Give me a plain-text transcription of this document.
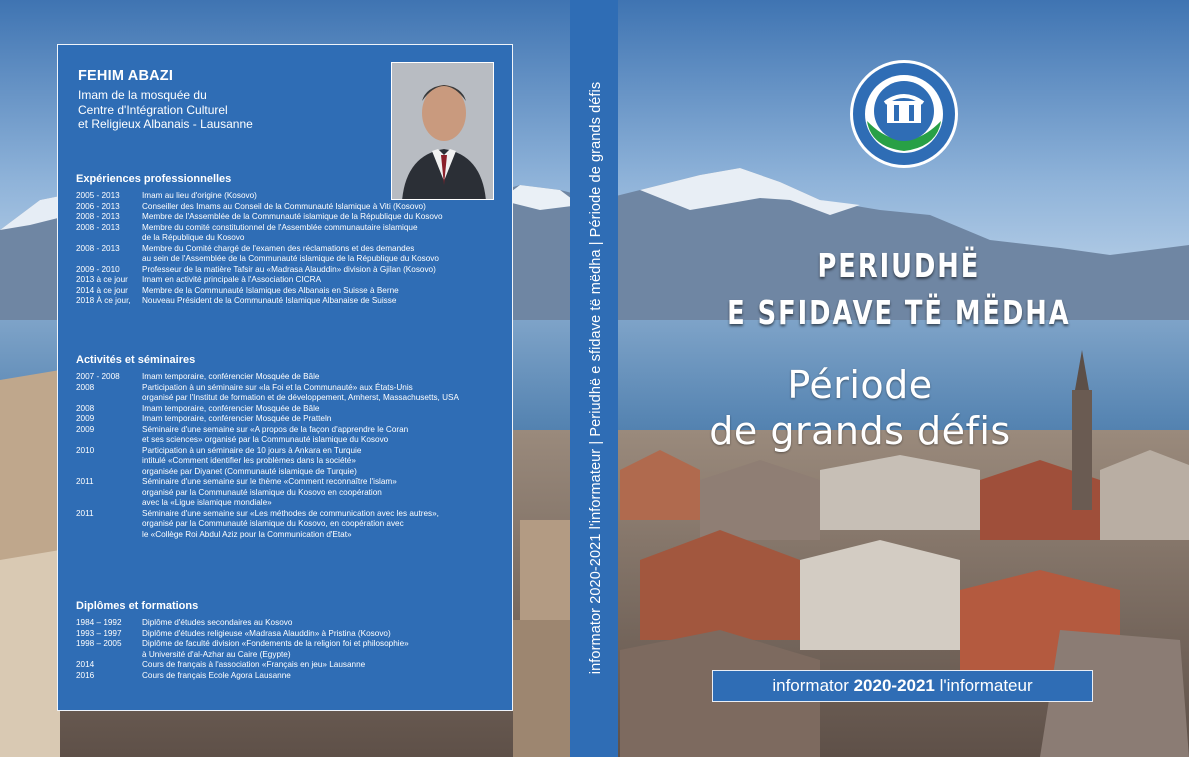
FEHIM ABAZI
Imam de la mosquée du
Centre d'Intégration Culturel
et Religieux Albanais - Lausanne
Expériences professionnelles
2005 - 2013	Imam au lieu d'origine (Kosovo)
2006 - 2013	Conseiller des Imams au Conseil de la Communauté Islamique à Viti (Kosovo)
2008 - 2013	Membre de l'Assemblée de la Communauté islamique de la République du Kosovo
2008 - 2013	Membre du comité constitutionnel de l'Assemblée communautaire islamique
de la République du Kosovo
2008 - 2013	Membre du Comité chargé de l'examen des réclamations et des demandes
au sein de l'Assemblée de la Communauté islamique de la République du Kosovo
2009 - 2010	Professeur de la matière Tafsir au «Madrasa Alauddin» division à Gjilan (Kosovo)
2013 à ce jour	Imam en activité principale à l'Association CICRA
2014 à ce jour	Membre de la Communauté Islamique des Albanais en Suisse à Berne
2018 À ce jour,	Nouveau Président de la Communauté Islamique Albanaise de Suisse
Activités et séminaires
2007 - 2008	Imam temporaire, conférencier Mosquée de Bâle
2008	Participation à un séminaire sur «la Foi et la Communauté» aux États-Unis
organisé par l'Institut de formation et de développement, Amherst, Massachusetts, USA
2008	Imam temporaire, conférencier Mosquée de Bâle
2009	Imam temporaire, conférencier Mosquée de Pratteln
2009	Séminaire d'une semaine sur «A propos de la façon d'apprendre le Coran
et ses sciences» organisé par la Communauté islamique du Kosovo
2010	Participation à un séminaire de 10 jours à Ankara en Turquie
intitulé «Comment identifier les problèmes dans la société»
organisée par Diyanet (Communauté islamique de Turquie)
2011	Séminaire d'une semaine sur le thème «Comment reconnaître l'islam»
organisé par la Communauté islamique du Kosovo en coopération
avec la «Ligue islamique mondiale»
2011	Séminaire d'une semaine sur «Les méthodes de communication avec les autres»,
organisé par la Communauté islamique du Kosovo, en coopération avec
le «Collège Roi Abdul Aziz pour la Communication d'Etat»
Diplômes et formations
1984 – 1992	Diplôme d'études secondaires au Kosovo
1993 – 1997	Diplôme d'études religieuse «Madrasa Alauddin» à Pristina (Kosovo)
1998 – 2005	Diplôme de faculté division «Fondements de la religion foi et philosophie»
à Université d'al-Azhar au Caire (Egypte)
2014	Cours de français à l'association «Français en jeu» Lausanne
2016	Cours de français Ecole Agora Lausanne
informator 2020-2021 l'informateur | Periudhë e sfidave të mëdha | Période de grands défis	PERIUDHË
E SFIDAVE TË MËDHA
Période
de grands défis
informator 2020-2021 l'informateur
